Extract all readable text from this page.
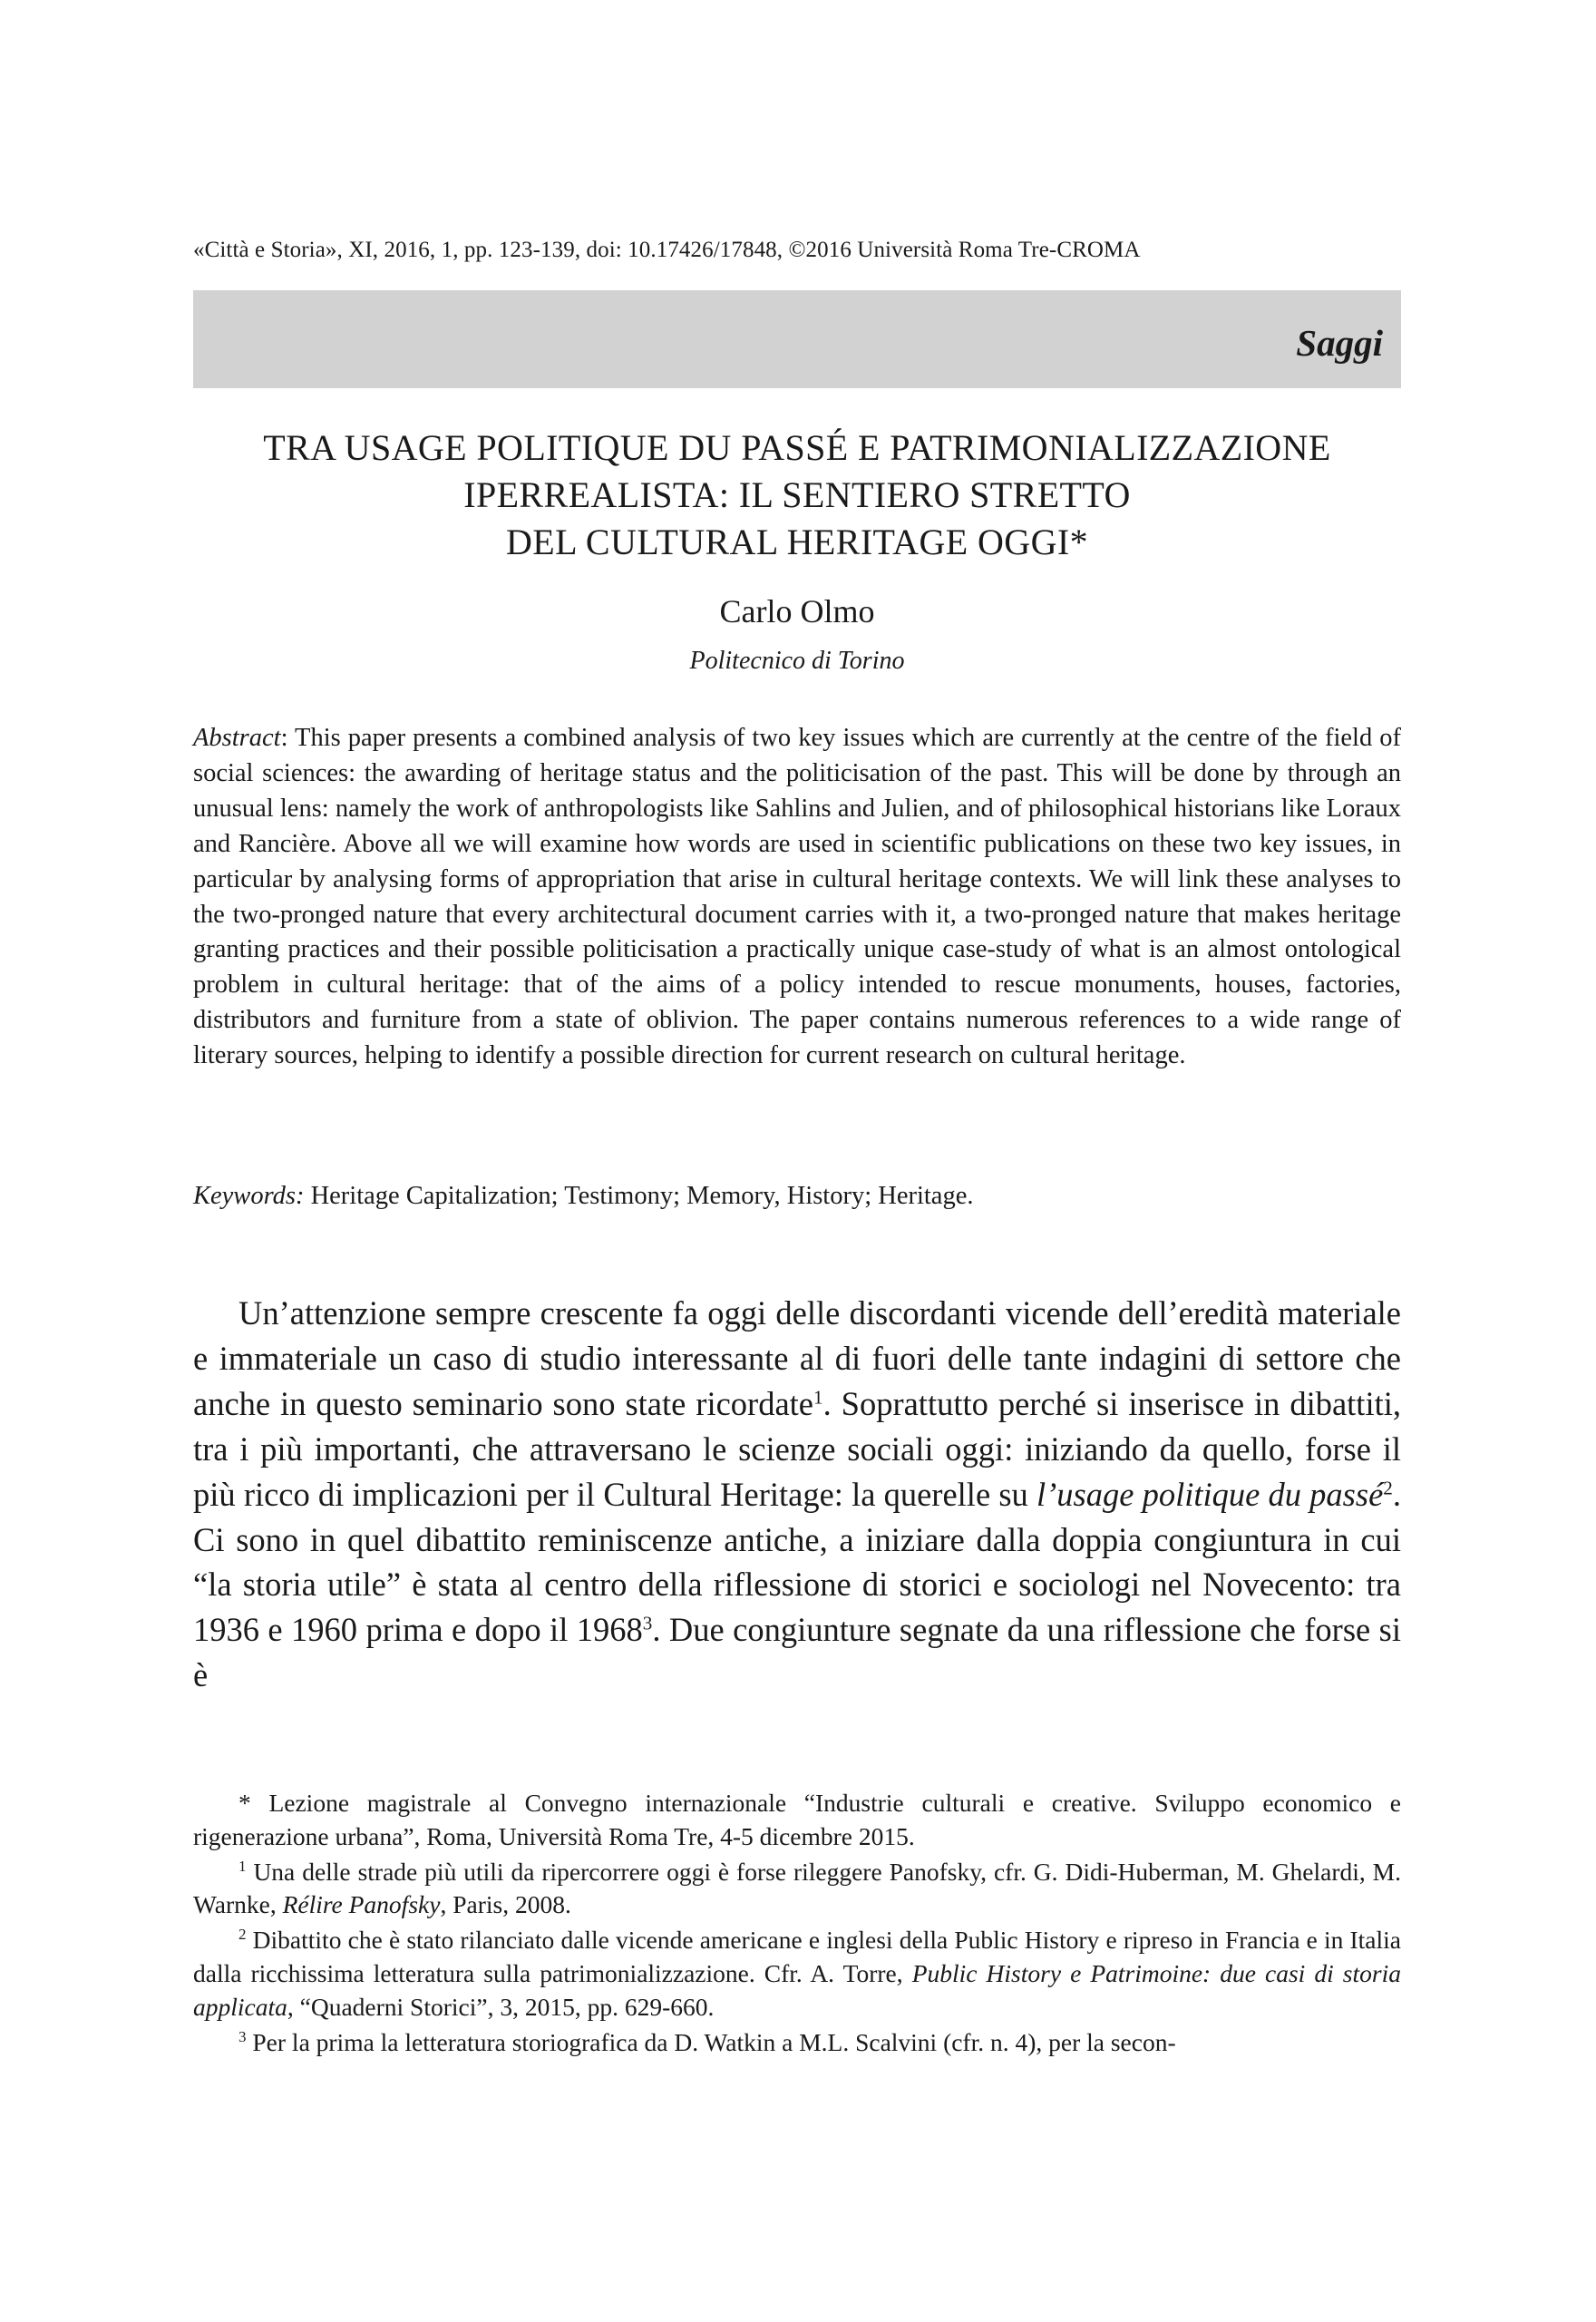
«Città e Storia», XI, 2016, 1, pp. 123-139, doi: 10.17426/17848, ©2016 Università Roma Tre-CROMA
Saggi
TRA USAGE POLITIQUE DU PASSÉ E PATRIMONIALIZZAZIONE
IPERREALISTA: IL SENTIERO STRETTO
DEL CULTURAL HERITAGE OGGI*
Carlo Olmo
Politecnico di Torino
Abstract: This paper presents a combined analysis of two key issues which are currently at the centre of the field of social sciences: the awarding of heritage status and the politicisation of the past. This will be done by through an unusual lens: namely the work of anthropologists like Sahlins and Julien, and of philosophical historians like Loraux and Rancière. Above all we will examine how words are used in scientific publications on these two key issues, in particular by analysing forms of appropriation that arise in cultural heritage contexts. We will link these analyses to the two-pronged nature that every architectural document carries with it, a two-pronged nature that makes heritage granting practices and their possible politicisation a practically unique case-study of what is an almost ontological problem in cultural heritage: that of the aims of a policy intended to rescue monuments, houses, factories, distributors and furniture from a state of oblivion. The paper contains numerous references to a wide range of literary sources, helping to identify a possible direction for current research on cultural heritage.
Keywords: Heritage Capitalization; Testimony; Memory, History; Heritage.

Un’attenzione sempre crescente fa oggi delle discordanti vicende dell’eredità materiale e immateriale un caso di studio interessante al di fuori delle tante indagini di settore che anche in questo seminario sono state ricordate$^1$. Soprattutto perché si inserisce in dibattiti, tra i più importanti, che attraversano le scienze sociali oggi: iniziando da quello, forse il più ricco di implicazioni per il Cultural Heritage: la querelle su l’usage politique du passé$^2$. Ci sono in quel dibattito reminiscenze antiche, a iniziare dalla doppia congiuntura in cui “la storia utile” è stata al centro della riflessione di storici e sociologi nel Novecento: tra 1936 e 1960 prima e dopo il 1968$^3$. Due congiunture segnate da una riflessione che forse si è

* Lezione magistrale al Convegno internazionale “Industrie culturali e creative. Sviluppo economico e rigenerazione urbana”, Roma, Università Roma Tre, 4-5 dicembre 2015.

$^1$ Una delle strade più utili da ripercorrere oggi è forse rileggere Panofsky, cfr. G. Didi-Huberman, M. Ghelardi, M. Warnke, Rélire Panofsky, Paris, 2008.

$^2$ Dibattito che è stato rilanciato dalle vicende americane e inglesi della Public History e ripreso in Francia e in Italia dalla ricchissima letteratura sulla patrimonializzazione. Cfr. A. Torre, Public History e Patrimoine: due casi di storia applicata, “Quaderni Storici”, 3, 2015, pp. 629-660.

$^3$ Per la prima la letteratura storiografica da D. Watkin a M.L. Scalvini (cfr. n. 4), per la secon-
